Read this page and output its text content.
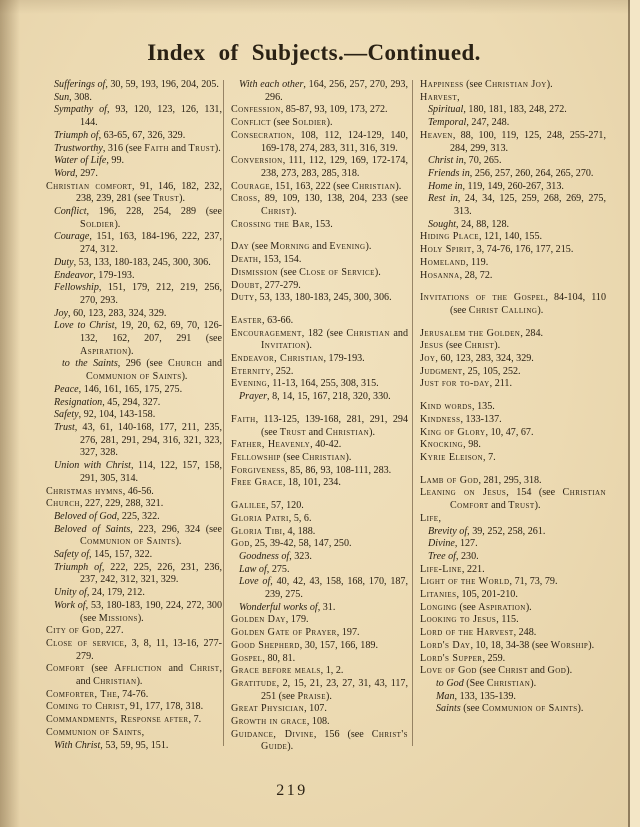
Index of Subjects.—Continued.

Sufferings of, 30, 59, 193, 196, 204, 205.

Sun, 308.

Sympathy of, 93, 120, 123, 126, 131, 144.

Triumph of, 63-65, 67, 326, 329.

Trustworthy, 316 (see Faith and Trust).

Water of Life, 99.

Word, 297.

Christian comfort, 91, 146, 182, 232, 238, 239, 281 (see Trust).

Conflict, 196, 228, 254, 289 (see Soldier).

Courage, 151, 163, 184-196, 222, 237, 274, 312.

Duty, 53, 133, 180-183, 245, 300, 306.

Endeavor, 179-193.

Fellowship, 151, 179, 212, 219, 256, 270, 293.

Joy, 60, 123, 283, 324, 329.

Love to Christ, 19, 20, 62, 69, 70, 126-132, 162, 207, 291 (see Aspiration).

to the Saints, 296 (see Church and Communion of Saints).

Peace, 146, 161, 165, 175, 275.

Resignation, 45, 294, 327.

Safety, 92, 104, 143-158.

Trust, 43, 61, 140-168, 177, 211, 235, 276, 281, 291, 294, 316, 321, 323, 327, 328.

Union with Christ, 114, 122, 157, 158, 291, 305, 314.

Christmas hymns, 46-56.

Church, 227, 229, 288, 321.

Beloved of God, 225, 322.

Beloved of Saints, 223, 296, 324 (see Communion of Saints).

Safety of, 145, 157, 322.

Triumph of, 222, 225, 226, 231, 236, 237, 242, 312, 321, 329.

Unity of, 24, 179, 212.

Work of, 53, 180-183, 190, 224, 272, 300 (see Missions).

City of God, 227.

Close of service, 3, 8, 11, 13-16, 277-279.

Comfort (see Affliction and Christ, and Christian).

Comforter, The, 74-76.

Coming to Christ, 91, 177, 178, 318.

Commandments, Response after, 7.

Communion of Saints,

With Christ, 53, 59, 95, 151.

With each other, 164, 256, 257, 270, 293, 296.

Confession, 85-87, 93, 109, 173, 272.

Conflict (see Soldier).

Consecration, 108, 112, 124-129, 140, 169-178, 274, 283, 311, 316, 319.

Conversion, 111, 112, 129, 169, 172-174, 238, 273, 283, 285, 318.

Courage, 151, 163, 222 (see Christian).

Cross, 89, 109, 130, 138, 204, 233 (see Christ).

Crossing the Bar, 153.

Day (see Morning and Evening).

Death, 153, 154.

Dismission (see Close of Service).

Doubt, 277-279.

Duty, 53, 133, 180-183, 245, 300, 306.

Easter, 63-66.

Encouragement, 182 (see Christian and Invitation).

Endeavor, Christian, 179-193.

Eternity, 252.

Evening, 11-13, 164, 255, 308, 315.

Prayer, 8, 14, 15, 167, 218, 320, 330.

Faith, 113-125, 139-168, 281, 291, 294 (see Trust and Christian).

Father, Heavenly, 40-42.

Fellowship (see Christian).

Forgiveness, 85, 86, 93, 108-111, 283.

Free Grace, 18, 101, 234.

Galilee, 57, 120.

Gloria Patri, 5, 6.

Gloria Tibi, 4, 188.

God, 25, 39-42, 58, 147, 250.

Goodness of, 323.

Law of, 275.

Love of, 40, 42, 43, 158, 168, 170, 187, 239, 275.

Wonderful works of, 31.

Golden Day, 179.

Golden Gate of Prayer, 197.

Good Shepherd, 30, 157, 166, 189.

Gospel, 80, 81.

Grace before meals, 1, 2.

Gratitude, 2, 15, 21, 23, 27, 31, 43, 117, 251 (see Praise).

Great Physician, 107.

Growth in grace, 108.

Guidance, Divine, 156 (see Christ's Guide).

Happiness (see Christian Joy).

Harvest,

Spiritual, 180, 181, 183, 248, 272.

Temporal, 247, 248.

Heaven, 88, 100, 119, 125, 248, 255-271, 284, 299, 313.

Christ in, 70, 265.

Friends in, 256, 257, 260, 264, 265, 270.

Home in, 119, 149, 260-267, 313.

Rest in, 24, 34, 125, 259, 268, 269, 275, 313.

Sought, 24, 88, 128.

Hiding Place, 121, 140, 155.

Holy Spirit, 3, 74-76, 176, 177, 215.

Homeland, 119.

Hosanna, 28, 72.

Invitations of the Gospel, 84-104, 110 (see Christ Calling).

Jerusalem the Golden, 284.

Jesus (see Christ).

Joy, 60, 123, 283, 324, 329.

Judgment, 25, 105, 252.

Just for to-day, 211.

Kind words, 135.

Kindness, 133-137.

King of Glory, 10, 47, 67.

Knocking, 98.

Kyrie Eleison, 7.

Lamb of God, 281, 295, 318.

Leaning on Jesus, 154 (see Christian Comfort and Trust).

Life,

Brevity of, 39, 252, 258, 261.

Divine, 127.

Tree of, 230.

Life-Line, 221.

Light of the World, 71, 73, 79.

Litanies, 105, 201-210.

Longing (see Aspiration).

Looking to Jesus, 115.

Lord of the Harvest, 248.

Lord's Day, 10, 18, 34-38 (see Worship).

Lord's Supper, 259.

Love of God (see Christ and God).

to God (See Christian).

Man, 133, 135-139.

Saints (see Communion of Saints).

219
